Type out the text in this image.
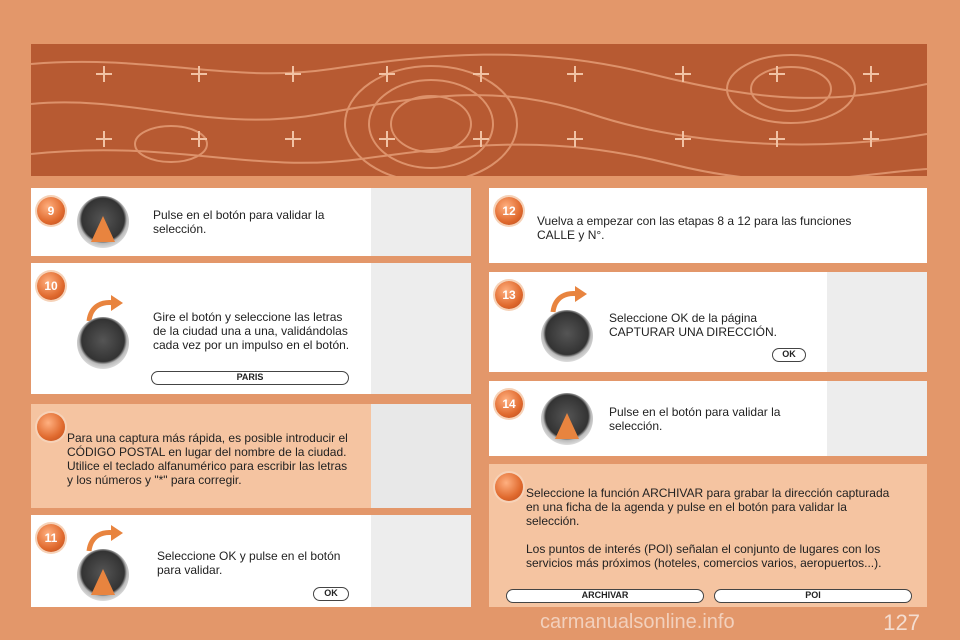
9	Pulse en el botón para validar la
selección.
10
Gire el botón y seleccione las letras
de la ciudad una a una, validándolas
cada vez por un impulso en el botón.
PARIS
Para una captura más rápida, es posible introducir el
CÓDIGO POSTAL en lugar del nombre de la ciudad.
Utilice el teclado alfanumérico para escribir las letras
y los números y "*" para corregir.
11
Seleccione OK y pulse en el botón
para validar.
OK
12
Vuelva a empezar con las etapas 8 a 12 para las funciones
CALLE y N°.
13
Seleccione OK de la página
CAPTURAR UNA DIRECCIÓN.
OK
14
Pulse en el botón para validar la
selección.
Seleccione la función ARCHIVAR para grabar la dirección capturada
en una ficha de la agenda y pulse en el botón para validar la
selección.
Los puntos de interés (POI) señalan el conjunto de lugares con los
servicios más próximos (hoteles, comercios varios, aeropuertos...).
ARCHIVAR	POI
127
carmanualsonline.info
